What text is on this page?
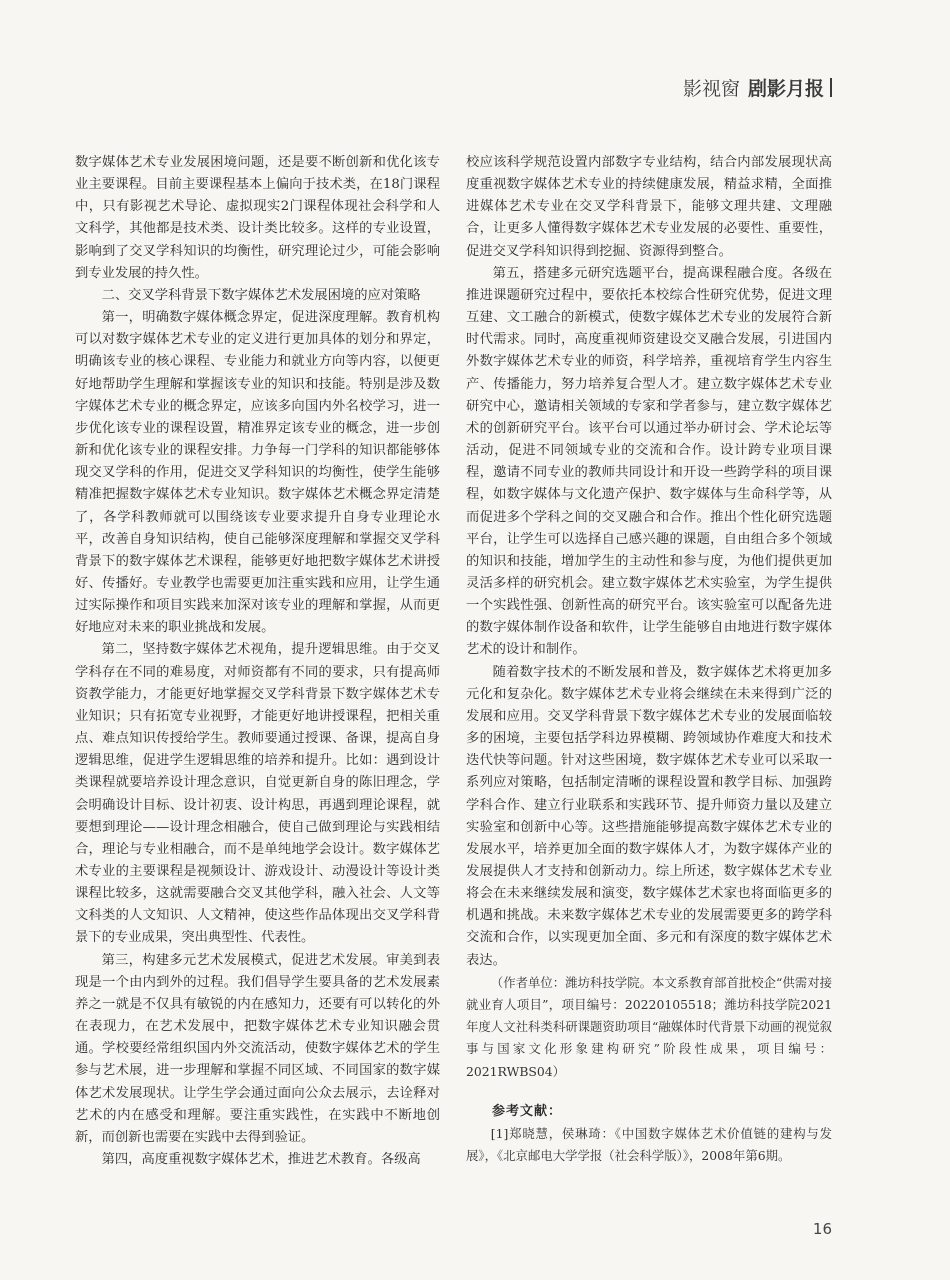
影视窗 剧影月报

数字媒体艺术专业发展困境问题，还是要不断创新和优化该专业主要课程。目前主要课程基本上偏向于技术类，在18门课程中，只有影视艺术导论、虚拟现实2门课程体现社会科学和人文科学，其他都是技术类、设计类比较多。这样的专业设置，影响到了交叉学科知识的均衡性，研究理论过少，可能会影响到专业发展的持久性。

二、交叉学科背景下数字媒体艺术发展困境的应对策略

第一，明确数字媒体概念界定，促进深度理解。教育机构可以对数字媒体艺术专业的定义进行更加具体的划分和界定，明确该专业的核心课程、专业能力和就业方向等内容，以便更好地帮助学生理解和掌握该专业的知识和技能。特别是涉及数字媒体艺术专业的概念界定，应该多向国内外名校学习，进一步优化该专业的课程设置，精准界定该专业的概念，进一步创新和优化该专业的课程安排。力争每一门学科的知识都能够体现交叉学科的作用，促进交叉学科知识的均衡性，使学生能够精准把握数字媒体艺术专业知识。数字媒体艺术概念界定清楚了，各学科教师就可以围绕该专业要求提升自身专业理论水平，改善自身知识结构，使自己能够深度理解和掌握交叉学科背景下的数字媒体艺术课程，能够更好地把数字媒体艺术讲授好、传播好。专业教学也需要更加注重实践和应用，让学生通过实际操作和项目实践来加深对该专业的理解和掌握，从而更好地应对未来的职业挑战和发展。

第二，坚持数字媒体艺术视角，提升逻辑思维。由于交叉学科存在不同的难易度，对师资都有不同的要求，只有提高师资教学能力，才能更好地掌握交叉学科背景下数字媒体艺术专业知识；只有拓宽专业视野，才能更好地讲授课程，把相关重点、难点知识传授给学生。教师要通过授课、备课，提高自身逻辑思维，促进学生逻辑思维的培养和提升。比如：遇到设计类课程就要培养设计理念意识，自觉更新自身的陈旧理念，学会明确设计目标、设计初衷、设计构思，再遇到理论课程，就要想到理论——设计理念相融合，使自己做到理论与实践相结合，理论与专业相融合，而不是单纯地学会设计。数字媒体艺术专业的主要课程是视频设计、游戏设计、动漫设计等设计类课程比较多，这就需要融合交叉其他学科，融入社会、人文等文科类的人文知识、人文精神，使这些作品体现出交叉学科背景下的专业成果，突出典型性、代表性。

第三，构建多元艺术发展模式，促进艺术发展。审美到表现是一个由内到外的过程。我们倡导学生要具备的艺术发展素养之一就是不仅具有敏锐的内在感知力，还要有可以转化的外在表现力，在艺术发展中，把数字媒体艺术专业知识融会贯通。学校要经常组织国内外交流活动，使数字媒体艺术的学生参与艺术展，进一步理解和掌握不同区域、不同国家的数字媒体艺术发展现状。让学生学会通过面向公众去展示，去诠释对艺术的内在感受和理解。要注重实践性，在实践中不断地创新，而创新也需要在实践中去得到验证。

第四，高度重视数字媒体艺术，推进艺术教育。各级高

校应该科学规范设置内部数字专业结构，结合内部发展现状高度重视数字媒体艺术专业的持续健康发展，精益求精，全面推进媒体艺术专业在交叉学科背景下，能够文理共建、文理融合，让更多人懂得数字媒体艺术专业发展的必要性、重要性，促进交叉学科知识得到挖掘、资源得到整合。

第五，搭建多元研究选题平台，提高课程融合度。各级在推进课题研究过程中，要依托本校综合性研究优势，促进文理互建、文工融合的新模式，使数字媒体艺术专业的发展符合新时代需求。同时，高度重视师资建设交叉融合发展，引进国内外数字媒体艺术专业的师资，科学培养，重视培育学生内容生产、传播能力，努力培养复合型人才。建立数字媒体艺术专业研究中心，邀请相关领域的专家和学者参与，建立数字媒体艺术的创新研究平台。该平台可以通过举办研讨会、学术论坛等活动，促进不同领域专业的交流和合作。设计跨专业项目课程，邀请不同专业的教师共同设计和开设一些跨学科的项目课程，如数字媒体与文化遗产保护、数字媒体与生命科学等，从而促进多个学科之间的交叉融合和合作。推出个性化研究选题平台，让学生可以选择自己感兴趣的课题，自由组合多个领域的知识和技能，增加学生的主动性和参与度，为他们提供更加灵活多样的研究机会。建立数字媒体艺术实验室，为学生提供一个实践性强、创新性高的研究平台。该实验室可以配备先进的数字媒体制作设备和软件，让学生能够自由地进行数字媒体艺术的设计和制作。

随着数字技术的不断发展和普及，数字媒体艺术将更加多元化和复杂化。数字媒体艺术专业将会继续在未来得到广泛的发展和应用。交叉学科背景下数字媒体艺术专业的发展面临较多的困境，主要包括学科边界模糊、跨领域协作难度大和技术迭代快等问题。针对这些困境，数字媒体艺术专业可以采取一系列应对策略，包括制定清晰的课程设置和教学目标、加强跨学科合作、建立行业联系和实践环节、提升师资力量以及建立实验室和创新中心等。这些措施能够提高数字媒体艺术专业的发展水平，培养更加全面的数字媒体人才，为数字媒体产业的发展提供人才支持和创新动力。综上所述，数字媒体艺术专业将会在未来继续发展和演变，数字媒体艺术家也将面临更多的机遇和挑战。未来数字媒体艺术专业的发展需要更多的跨学科交流和合作，以实现更加全面、多元和有深度的数字媒体艺术表达。

（作者单位：潍坊科技学院。本文系教育部首批校企“供需对接就业育人项目”，项目编号：20220105518；潍坊科技学院2021年度人文社科类科研课题资助项目“融媒体时代背景下动画的视觉叙事与国家文化形象建构研究”阶段性成果，项目编号：2021RWBS04）

参考文献：

[1]郑晓慧，侯琳琦：《中国数字媒体艺术价值链的建构与发展》，《北京邮电大学学报（社会科学版）》，2008年第6期。

16
